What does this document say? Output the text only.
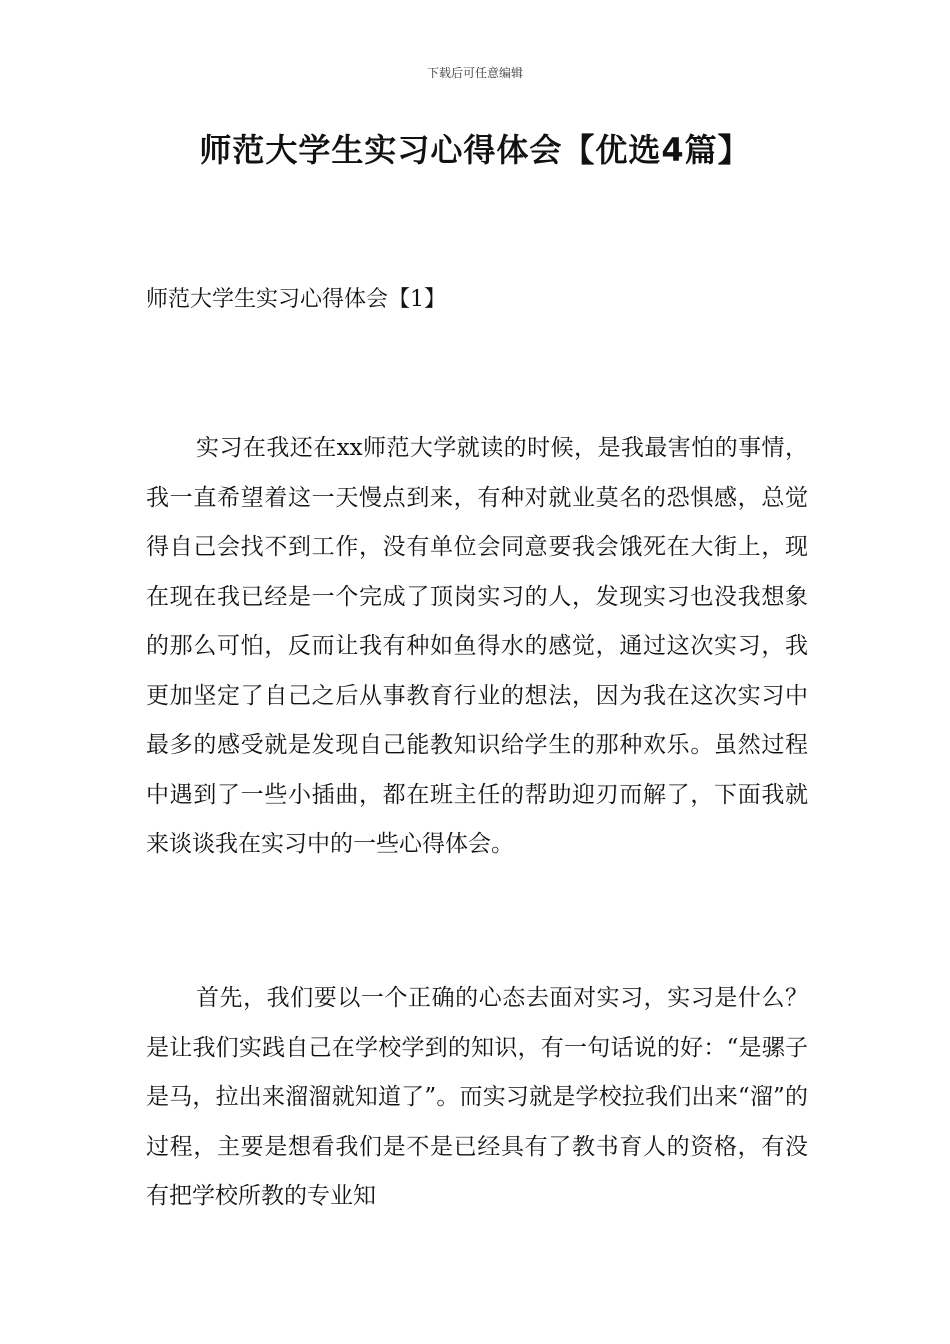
下载后可任意编辑
师范大学生实习心得体会【优选4篇】
师范大学生实习心得体会【1】

实习在我还在xx师范大学就读的时候，是我最害怕的事情，我一直希望着这一天慢点到来，有种对就业莫名的恐惧感，总觉得自己会找不到工作，没有单位会同意要我会饿死在大街上，现在现在我已经是一个完成了顶岗实习的人，发现实习也没我想象的那么可怕，反而让我有种如鱼得水的感觉，通过这次实习，我更加坚定了自己之后从事教育行业的想法，因为我在这次实习中最多的感受就是发现自己能教知识给学生的那种欢乐。虽然过程中遇到了一些小插曲，都在班主任的帮助迎刃而解了，下面我就来谈谈我在实习中的一些心得体会。

首先，我们要以一个正确的心态去面对实习，实习是什么？是让我们实践自己在学校学到的知识，有一句话说的好：“是骡子是马，拉出来溜溜就知道了”。而实习就是学校拉我们出来“溜”的过程，主要是想看我们是不是已经具有了教书育人的资格，有没有把学校所教的专业知
